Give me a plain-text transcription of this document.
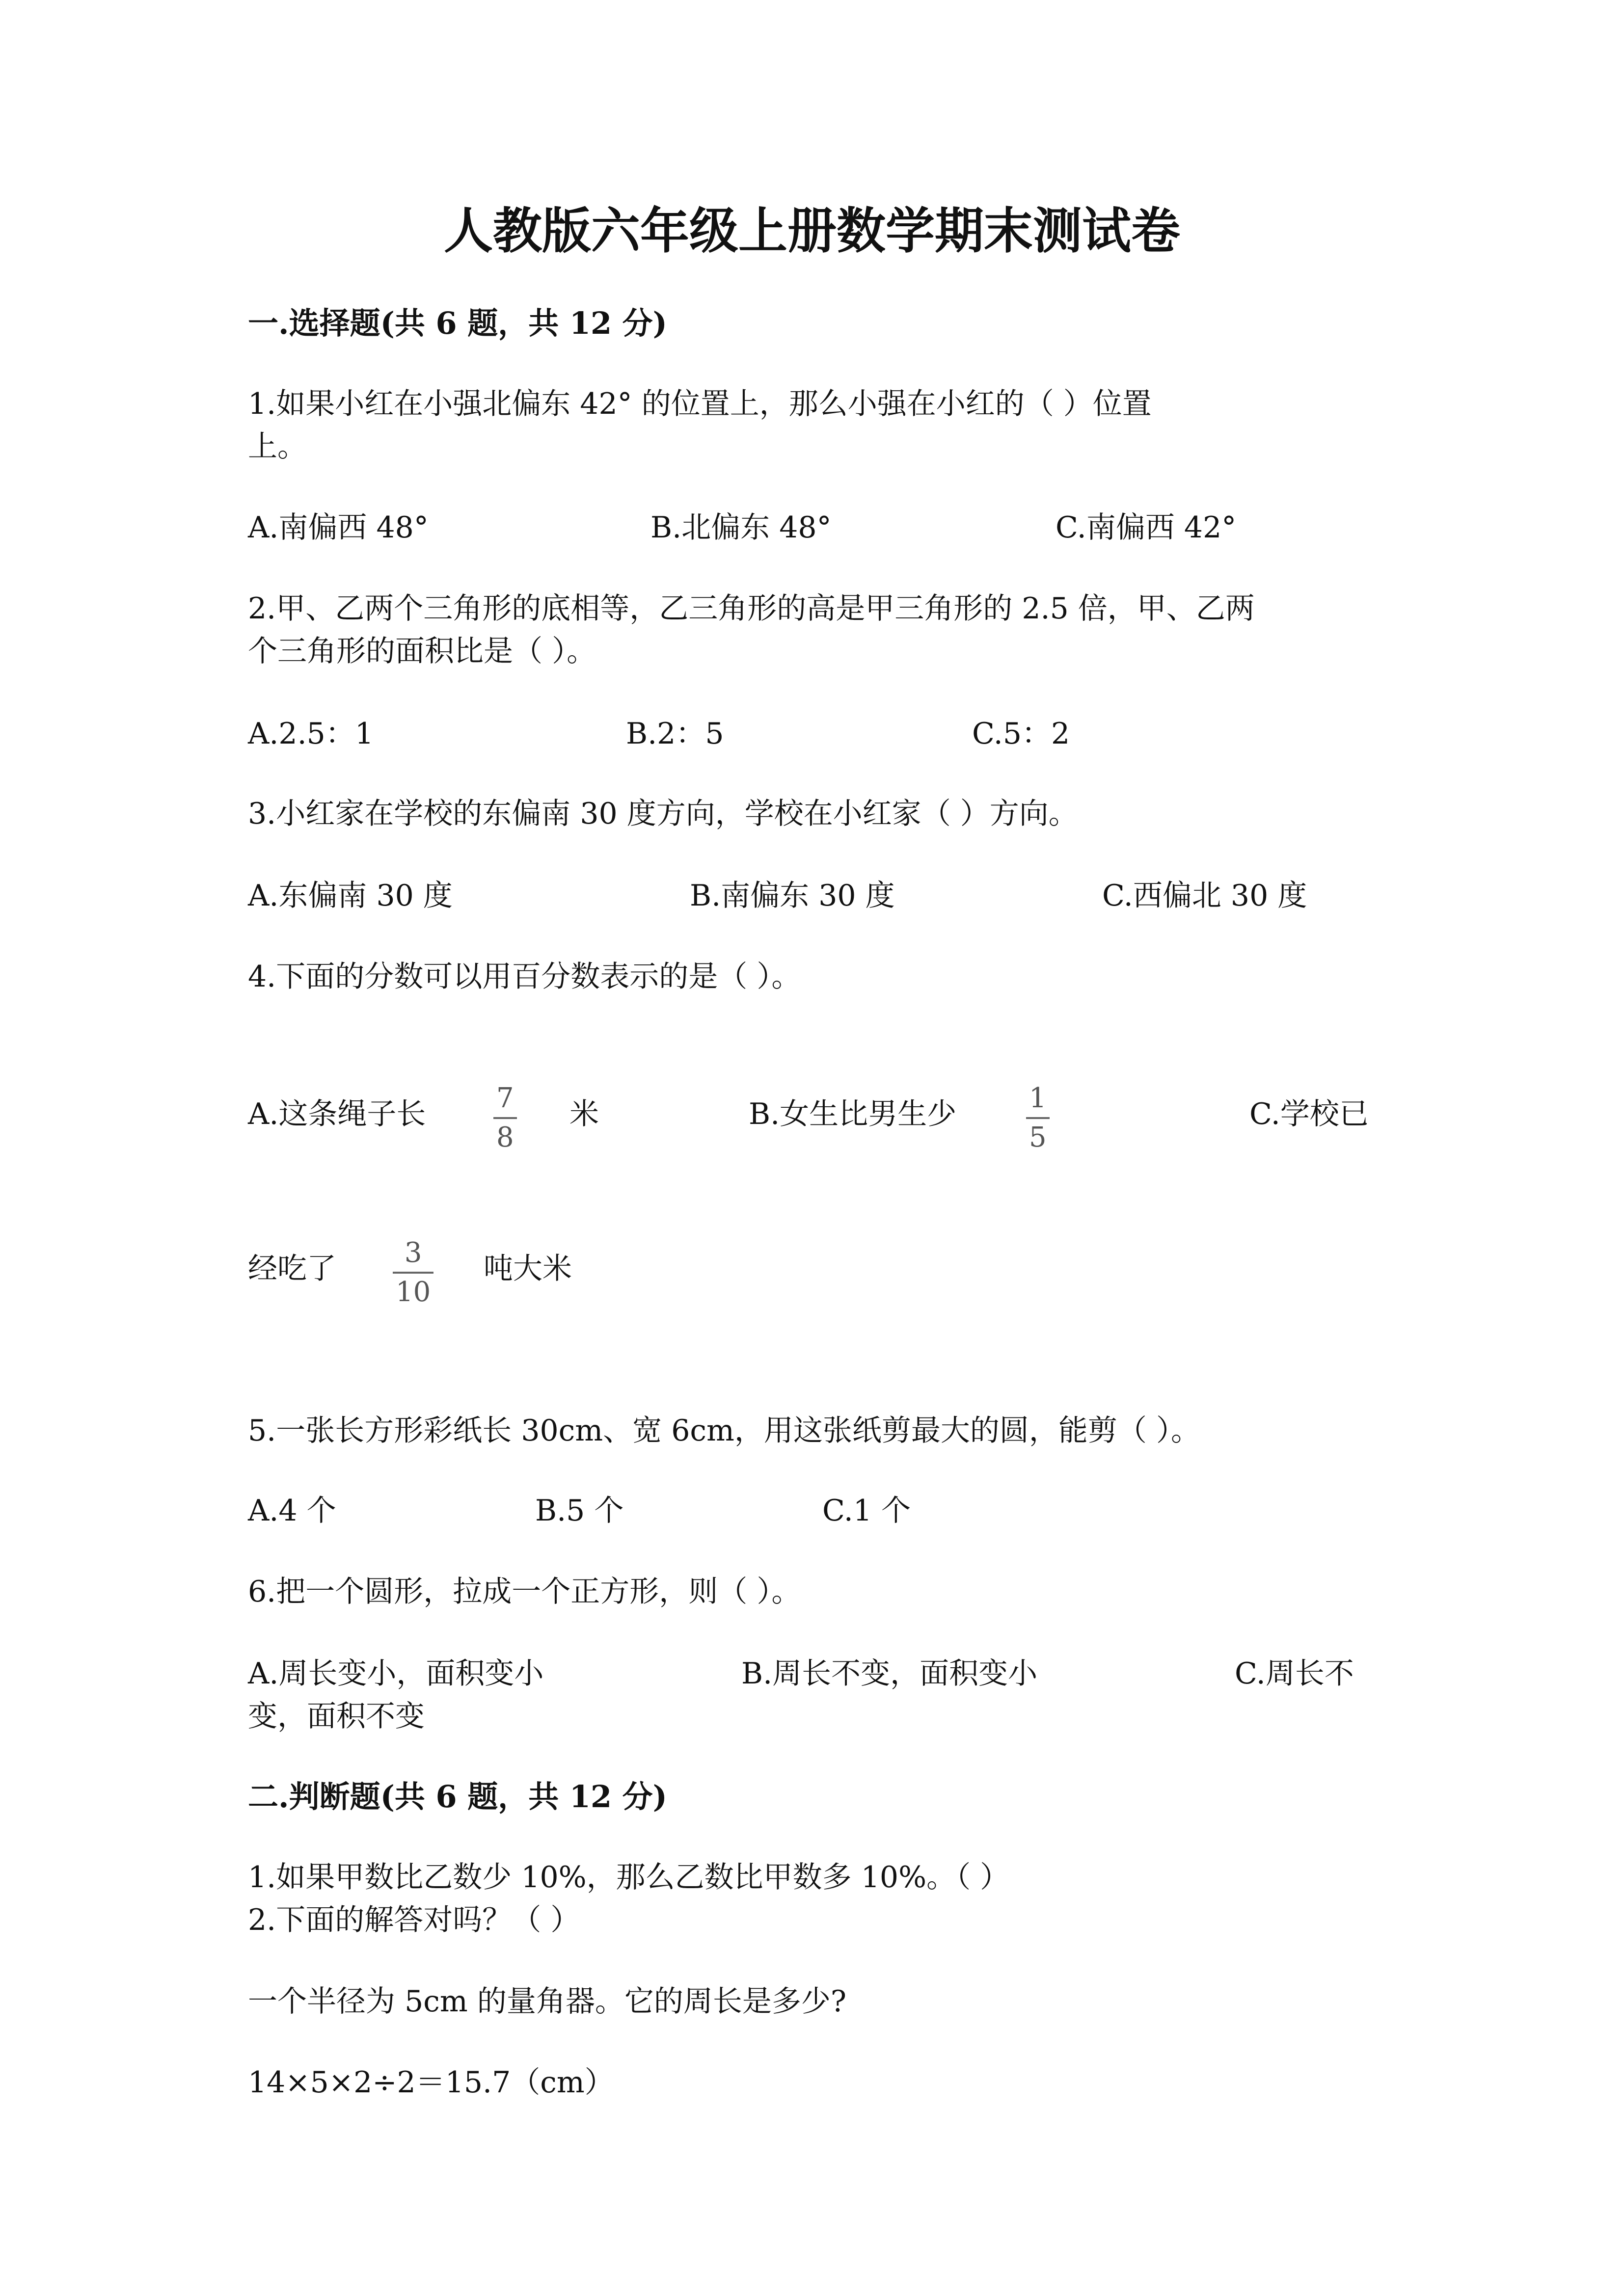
人教版六年级上册数学期末测试卷
一.选择题(共 6 题，共 12 分)
1.如果小红在小强北偏东 42° 的位置上，那么小强在小红的（ ）位置
上。
A.南偏西 48°	B.北偏东 48°	C.南偏西 42°
2.甲、乙两个三角形的底相等，乙三角形的高是甲三角形的 2.5 倍，甲、乙两
个三角形的面积比是（ ）。
A.2.5：1	B.2：5	C.5：2
3.小红家在学校的东偏南 30 度方向，学校在小红家（ ）方向。
A.东偏南 30 度	B.南偏东 30 度	C.西偏北 30 度
4.下面的分数可以用百分数表示的是（ ）。
A.这条绳子长	7
8
米	B.女生比男生少	1
5
C.学校已
经吃了	3
10
吨大米
5.一张长方形彩纸长 30cm、宽 6cm，用这张纸剪最大的圆，能剪（ ）。
A.4 个	B.5 个	C.1 个
6.把一个圆形，拉成一个正方形，则（ ）。
A.周长变小，面积变小	B.周长不变，面积变小	C.周长不
变，面积不变
二.判断题(共 6 题，共 12 分)
1.如果甲数比乙数少 10%，那么乙数比甲数多 10%。（ ）
2.下面的解答对吗？（ ）
一个半径为 5cm 的量角器。它的周长是多少?
14×5×2÷2＝15.7（cm）
